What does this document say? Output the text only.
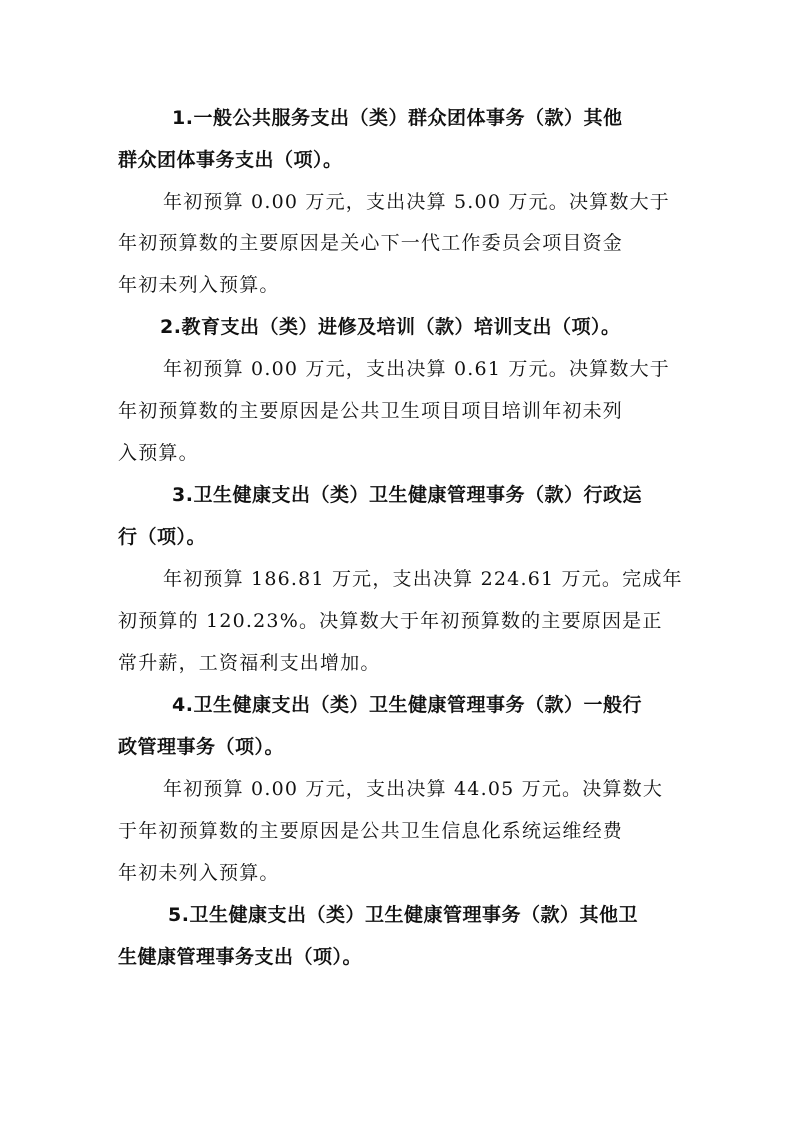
1.一般公共服务支出（类）群众团体事务（款）其他
群众团体事务支出（项）。
年初预算 0.00 万元，支出决算 5.00 万元。决算数大于
年初预算数的主要原因是关心下一代工作委员会项目资金
年初未列入预算。
2.教育支出（类）进修及培训（款）培训支出（项）。
年初预算 0.00 万元，支出决算 0.61 万元。决算数大于
年初预算数的主要原因是公共卫生项目项目培训年初未列
入预算。
3.卫生健康支出（类）卫生健康管理事务（款）行政运
行（项）。
年初预算 186.81 万元，支出决算 224.61 万元。完成年
初预算的 120.23%。决算数大于年初预算数的主要原因是正
常升薪，工资福利支出增加。
4.卫生健康支出（类）卫生健康管理事务（款）一般行
政管理事务（项）。
年初预算 0.00 万元，支出决算 44.05 万元。决算数大
于年初预算数的主要原因是公共卫生信息化系统运维经费
年初未列入预算。
5.卫生健康支出（类）卫生健康管理事务（款）其他卫
生健康管理事务支出（项）。
